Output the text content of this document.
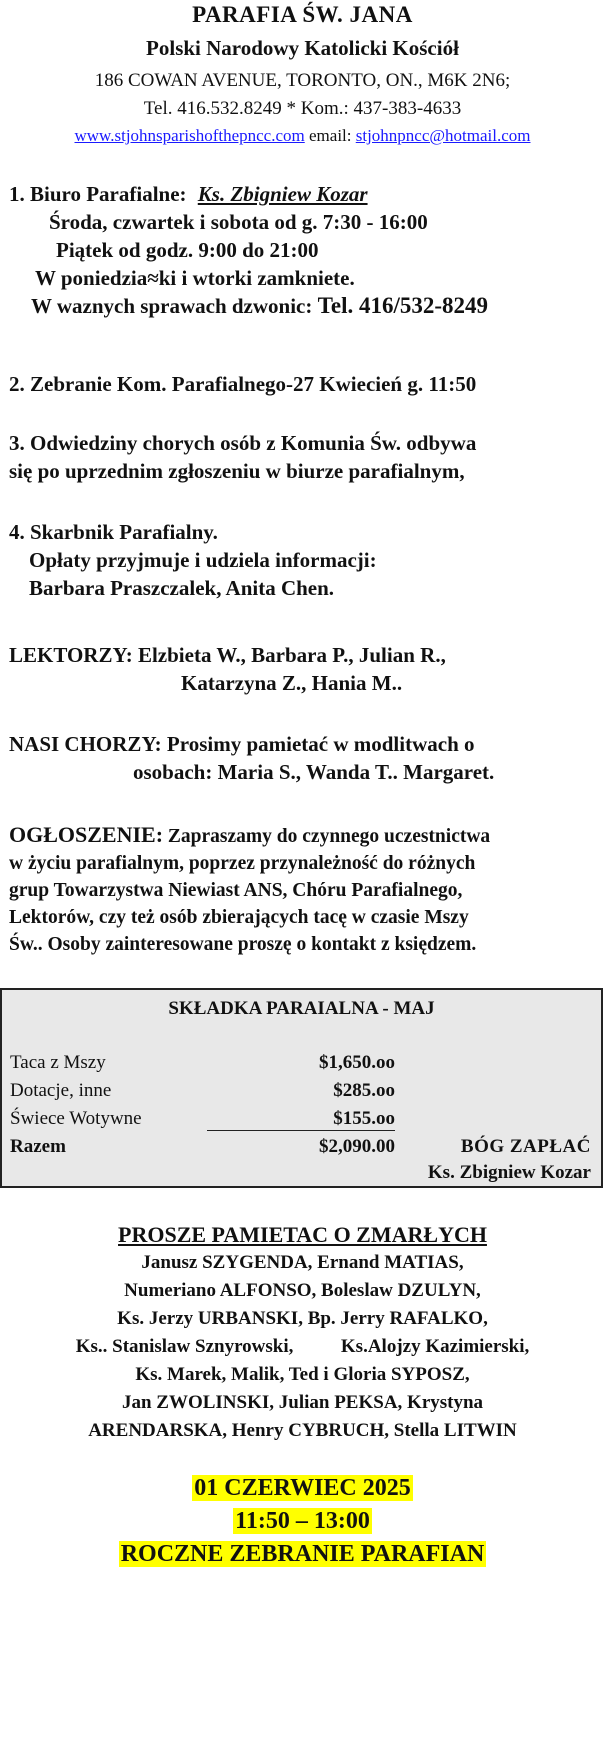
PARAFIA ŚW. JANA
Polski Narodowy Katolicki Kościół
186 COWAN AVENUE, TORONTO, ON., M6K 2N6;
Tel. 416.532.8249 * Kom.: 437-383-4633
www.stjohnsparishofthepncc.com email: stjohnpncc@hotmail.com
1. Biuro Parafialne: Ks. Zbigniew Kozar
Środa, czwartek i sobota od g. 7:30 - 16:00
Piątek od godz. 9:00 do 21:00
W poniedzia≈ki i wtorki zamkniete.
W waznych sprawach dzwonic: Tel. 416/532-8249
2. Zebranie Kom. Parafialnego-27 Kwiecień g. 11:50
3. Odwiedziny chorych osób z Komunia Św. odbywa
się po uprzednim zgłoszeniu w biurze parafialnym,
4. Skarbnik Parafialny.
Opłaty przyjmuje i udziela informacji:
Barbara Praszczalek, Anita Chen.
LEKTORZY: Elzbieta W., Barbara P., Julian R.,
Katarzyna Z., Hania M..
NASI CHORZY: Prosimy pamietać w modlitwach o
osobach: Maria S., Wanda T.. Margaret.
OGŁOSZENIE: Zapraszamy do czynnego uczestnictwa
w życiu parafialnym, poprzez przynależność do różnych
grup Towarzystwa Niewiast ANS, Chóru Parafialnego,
Lektorów, czy też osób zbierających tacę w czasie Mszy
Św.. Osoby zainteresowane proszę o kontakt z księdzem.
SKŁADKA PARAIALNA - MAJ
Taca z Mszy	$1,650.oo
Dotacje, inne	$285.oo
Świece Wotywne	$155.oo
Razem	$2,090.00	BÓG ZAPŁAĆ
Ks. Zbigniew Kozar
PROSZE PAMIETAC O ZMARŁYCH
Janusz SZYGENDA, Ernand MATIAS,
Numeriano ALFONSO, Boleslaw DZULYN,
Ks. Jerzy URBANSKI, Bp. Jerry RAFALKO,
Ks.. Stanislaw Sznyrowski,          Ks.Alojzy Kazimierski,
Ks. Marek, Malik, Ted i Gloria SYPOSZ,
Jan ZWOLINSKI, Julian PEKSA, Krystyna
ARENDARSKA, Henry CYBRUCH, Stella LITWIN
01 CZERWIEC 2025
11:50 – 13:00
ROCZNE ZEBRANIE PARAFIAN
